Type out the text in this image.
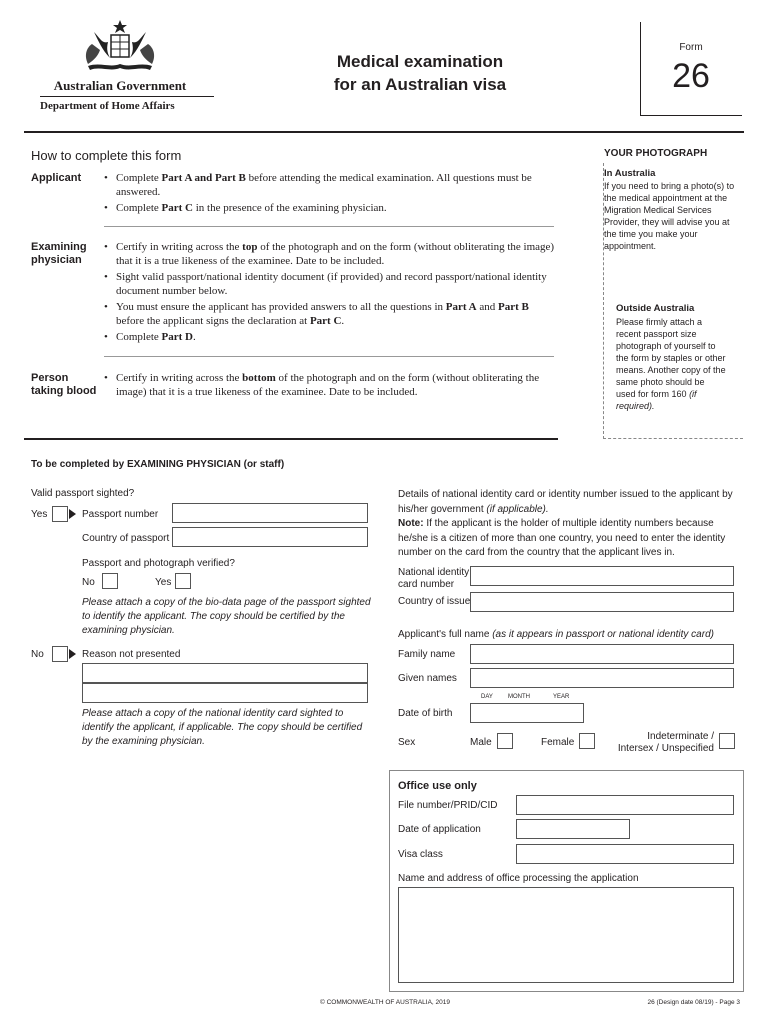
Australian Government
Department of Home Affairs
Medical examination
for an Australian visa
Form
26
How to complete this form
Applicant
•	Complete Part A and Part B before attending the medical examination. All questions must be answered.
• Complete Part C in the presence of the examining physician.
Examining
physician
• Certify in writing across the top of the photograph and on the form (without obliterating the image) that it is a true likeness of the examinee. Date to be included.
• Sight valid passport/national identity document (if provided) and record passport/national identity document number below.
• You must ensure the applicant has provided answers to all the questions in Part A and Part B before the applicant signs the declaration at Part C.
• Complete Part D.
Person
taking blood
• Certify in writing across the bottom of the photograph and on the form (without obliterating the image) that it is a true likeness of the examinee. Date to be included.
YOUR PHOTOGRAPH
In Australia
If you need to bring a photo(s) to the medical appointment at the Migration Medical Services Provider, they will advise you at the time you make your appointment.
Outside Australia
Please firmly attach a recent passport size photograph of yourself to the form by staples or other means. Another copy of the same photo should be used for form 160 (if required).
To be completed by EXAMINING PHYSICIAN (or staff)
Valid passport sighted?
Yes	Passport number
Country of passport
Passport and photograph verified?
No	Yes
Please attach a copy of the bio-data page of the passport sighted to identify the applicant. The copy should be certified by the examining physician.
No	Reason not presented
Please attach a copy of the national identity card sighted to identify the applicant, if applicable. The copy should be certified by the examining physician.
Details of national identity card or identity number issued to the applicant by his/her government (if applicable).
Note: If the applicant is the holder of multiple identity numbers because he/she is a citizen of more than one country, you need to enter the identity number on the card from the country that the applicant lives in.
National identity
card number
Country of issue
Applicant's full name (as it appears in passport or national identity card)
Family name
Given names
DAY	MONTH	YEAR
Date of birth
Sex	Male	Female
Indeterminate /
Intersex / Unspecified
Office use only
File number/PRID/CID
Date of application
Visa class
Name and address of office processing the application
© COMMONWEALTH OF AUSTRALIA, 2019	26 (Design date 08/19) - Page 3
